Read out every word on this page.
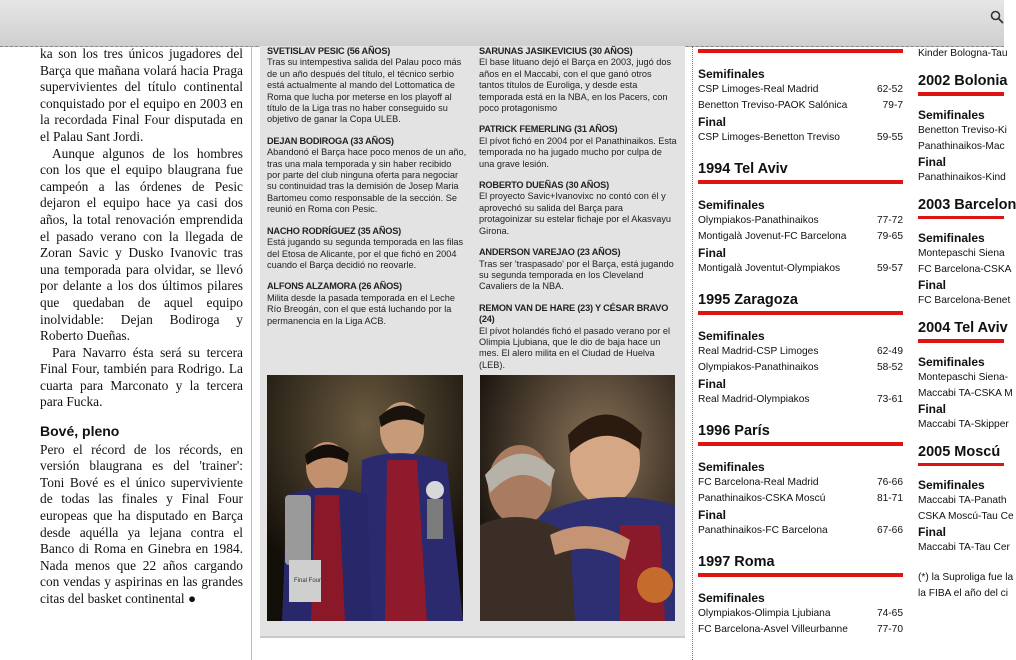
ka son los tres únicos jugadores del Barça que mañana volará hacia Praga supervivientes del título continental conquistado por el equipo en 2003 en la recordada Final Four disputada en el Palau Sant Jordi.

Aunque algunos de los hombres con los que el equipo blaugrana fue campeón a las órdenes de Pesic dejaron el equipo hace ya casi dos años, la total renovación emprendida el pasado verano con la llegada de Zoran Savic y Dusko Ivanovic tras una temporada para olvidar, se llevó por delante a los dos últimos pilares que quedaban de aquel equipo inolvidable: Dejan Bodiroga y Roberto Dueñas.

Para Navarro ésta será su tercera Final Four, también para Rodrigo. La cuarta para Marconato y la tercera para Fucka.

Bové, pleno

Pero el récord de los récords, en versión blaugrana es del 'trainer': Toni Bové es el único superviviente de todas las finales y Final Four europeas que ha disputado en Barça desde aquélla ya lejana contra el Banco di Roma en Ginebra en 1984. Nada menos que 22 años cargando con vendas y aspirinas en las grandes citas del basket continental ●

SVETISLAV PESIC (56 AÑOS)
Tras su intempestiva salida del Palau poco más de un año después del título, el técnico serbio está actualmente al mando del Lottomatica de Roma que lucha por meterse en los playoff al título de la Liga tras no haber conseguido su objetivo de ganar la Copa ULEB.
DEJAN BODIROGA (33 AÑOS)
Abandonó el Barça hace poco menos de un año, tras una mala temporada y sin haber recibido por parte del club ninguna oferta para negociar su continuidad tras la demisión de Josep Maria Bartomeu como responsable de la sección. Se reunió en Roma con Pesic.
NACHO RODRÍGUEZ (35 AÑOS)
Está jugando su segunda temporada en las filas del Etosa de Alicante, por el que fichó en 2004 cuando el Barça decidió no reovarle.
ALFONS ALZAMORA (26 AÑOS)
Milita desde la pasada temporada en el Leche Río Breogán, con el que está luchando por la permanencia en la Liga ACB.
SARUNAS JASIKEVICIUS (30 AÑOS)
El base lituano dejó el Barça en 2003, jugó dos años en el Maccabi, con el que ganó otros tantos títulos de Euroliga, y desde esta temporada está en la NBA, en los Pacers, con poco protagonismo
PATRICK FEMERLING (31 AÑOS)
El pívot fichó en 2004 por el Panathinaikos. Esta temporada no ha jugado mucho por culpa de una grave lesión.
ROBERTO DUEÑAS (30 AÑOS)
El proyecto Savic+Ivanovixc no contó con él y aprovechó su salida del Barça para protagoinizar su estelar fichaje por el Akasvayu Girona.
ANDERSON VAREJAO (23 AÑOS)
Tras ser 'traspasado' por el Barça, está jugando su segunda temporada en los Cleveland Cavaliers de la NBA.
REMON VAN DE HARE (23) Y CÉSAR BRAVO (24)
El pívot holandés fichó el pasado verano por el Olimpia Ljubiana, que le dio de baja hace un mes. El alero milita en el Ciudad de Huelva (LEB).
Final Four
Semifinales
CSP Limoges-Real Madrid	62-52
Benetton Treviso-PAOK Salónica	79-7
Final
CSP Limoges-Benetton Treviso	59-55
1994 Tel Aviv
Semifinales
Olympiakos-Panathinaikos	77-72
Montigalà Jovenut-FC Barcelona	79-65
Final
Montigalà Joventut-Olympiakos	59-57
1995 Zaragoza
Semifinales
Real Madrid-CSP Limoges	62-49
Olympiakos-Panathinaikos	58-52
Final
Real Madrid-Olympiakos	73-61
1996 París
Semifinales
FC Barcelona-Real Madrid	76-66
Panathinaikos-CSKA Moscú	81-71
Final
Panathinaikos-FC Barcelona	67-66
1997 Roma
Semifinales
Olympiakos-Olimpia Ljubiana	74-65
FC Barcelona-Asvel Villeurbanne	77-70
Kinder Bologna-Tau
2002 Bolonia
Semifinales
Benetton Treviso-Ki
Panathinaikos-Mac
Final
Panathinaikos-Kind
2003 Barcelon
Semifinales
Montepaschi Siena
FC Barcelona-CSKA
Final
FC Barcelona-Benet
2004 Tel Aviv
Semifinales
Montepaschi Siena-
Maccabi TA-CSKA M
Final
Maccabi TA-Skipper
2005 Moscú
Semifinales
Maccabi TA-Panath
CSKA Moscú-Tau Ce
Final
Maccabi TA-Tau Cer
(*) la Suproliga fue la
la FIBA el año del ci
